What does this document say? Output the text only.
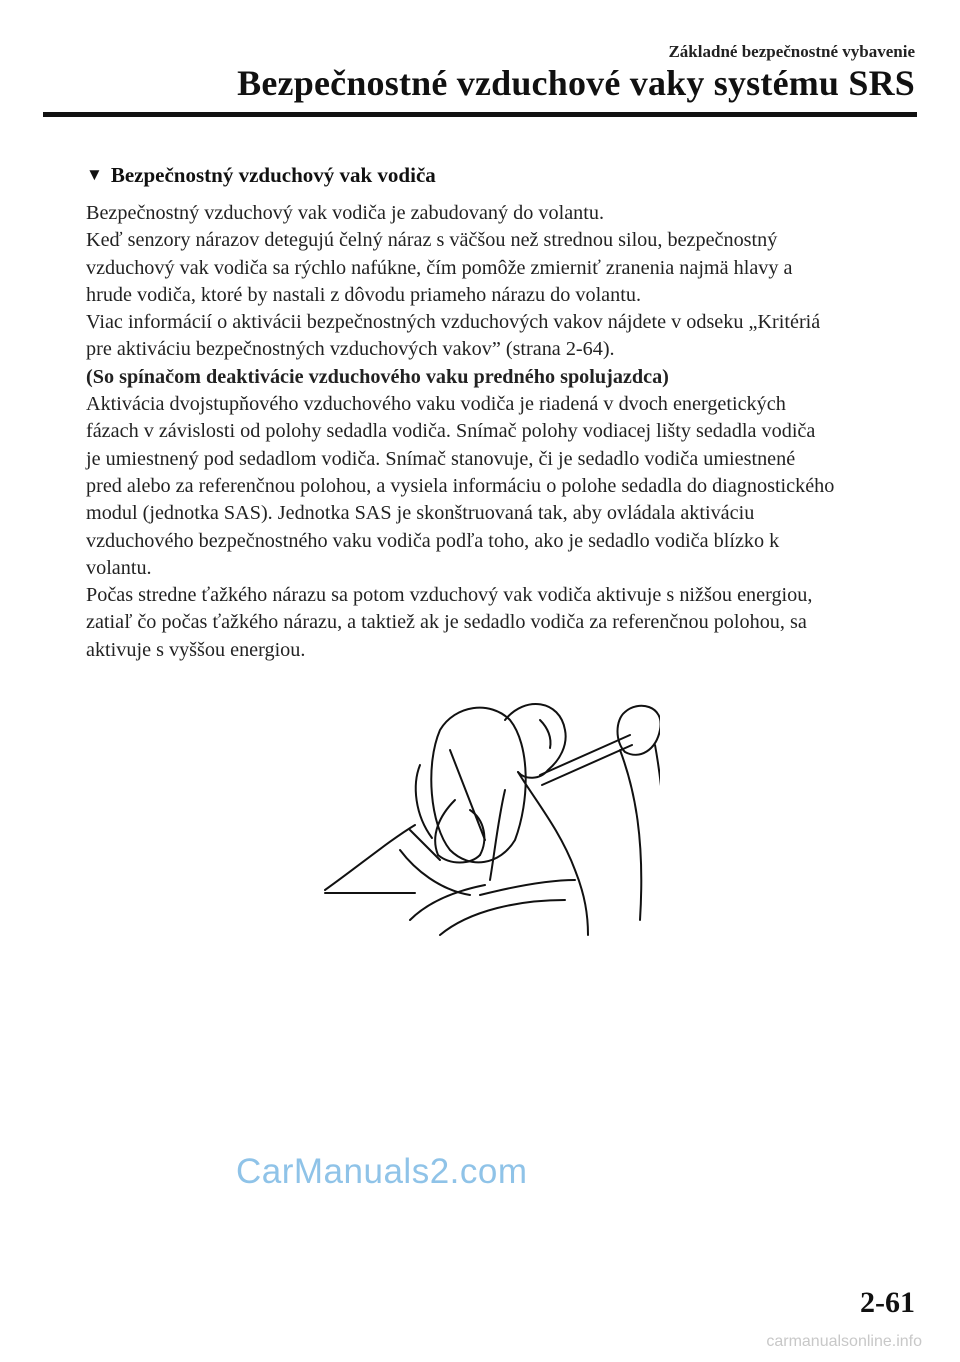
Základné bezpečnostné vybavenie
Bezpečnostné vzduchové vaky systému SRS
▼ Bezpečnostný vzduchový vak vodiča

Bezpečnostný vzduchový vak vodiča je zabudovaný do volantu.

Keď senzory nárazov detegujú čelný náraz s väčšou než strednou silou, bezpečnostný

vzduchový vak vodiča sa rýchlo nafúkne, čím pomôže zmierniť zranenia najmä hlavy a

hrude vodiča, ktoré by nastali z dôvodu priameho nárazu do volantu.

Viac informácií o aktivácii bezpečnostných vzduchových vakov nájdete v odseku „Kritériá

pre aktiváciu bezpečnostných vzduchových vakov” (strana 2-64).

(So spínačom deaktivácie vzduchového vaku predného spolujazdca)

Aktivácia dvojstupňového vzduchového vaku vodiča je riadená v dvoch energetických

fázach v závislosti od polohy sedadla vodiča. Snímač polohy vodiacej lišty sedadla vodiča

je umiestnený pod sedadlom vodiča. Snímač stanovuje, či je sedadlo vodiča umiestnené

pred alebo za referenčnou polohou, a vysiela informáciu o polohe sedadla do diagnostického

modul (jednotka SAS). Jednotka SAS je skonštruovaná tak, aby ovládala aktiváciu

vzduchového bezpečnostného vaku vodiča podľa toho, ako je sedadlo vodiča blízko k

volantu.

Počas stredne ťažkého nárazu sa potom vzduchový vak vodiča aktivuje s nižšou energiou,

zatiaľ čo počas ťažkého nárazu, a taktiež ak je sedadlo vodiča za referenčnou polohou, sa

aktivuje s vyššou energiou.

CarManuals2.com
2-61
carmanualsonline.info
